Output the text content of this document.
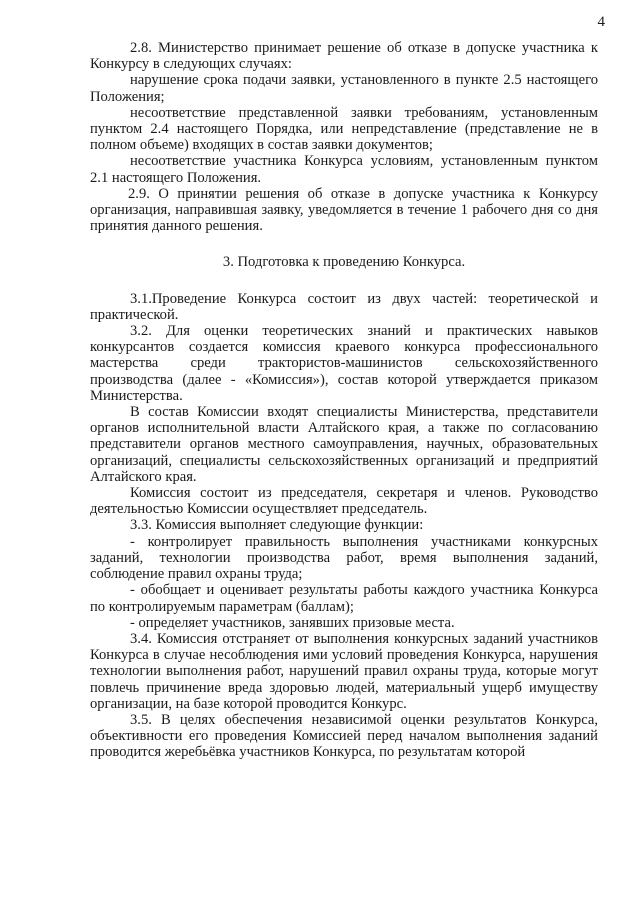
4

2.8. Министерство принимает решение об отказе в допуске участника к Конкурсу в следующих случаях:

нарушение срока подачи заявки, установленного в пункте 2.5 настоящего Положения;

несоответствие представленной заявки требованиям, установленным пунктом 2.4 настоящего Порядка, или непредставление (представление не в полном объеме) входящих в состав заявки документов;

несоответствие участника Конкурса условиям, установленным пунктом 2.1 настоящего Положения.

2.9. О принятии решения об отказе в допуске участника к Конкурсу организация, направившая заявку, уведомляется в течение 1 рабочего дня со дня принятия данного решения.

3. Подготовка к проведению Конкурса.

3.1.Проведение Конкурса состоит из двух частей: теоретической и практической.

3.2. Для оценки теоретических знаний и практических навыков конкурсантов создается комиссия краевого конкурса профессионального мастерства среди трактористов-машинистов сельскохозяйственного производства (далее - «Комиссия»), состав которой утверждается приказом Министерства.

В состав Комиссии входят специалисты Министерства, представители органов исполнительной власти Алтайского края, а также по согласованию представители органов местного самоуправления, научных, образовательных организаций, специалисты сельскохозяйственных организаций и предприятий Алтайского края.

Комиссия состоит из председателя, секретаря и членов. Руководство деятельностью Комиссии осуществляет председатель.

3.3. Комиссия выполняет следующие функции:

- контролирует правильность выполнения участниками конкурсных заданий, технологии производства работ, время выполнения заданий, соблюдение правил охраны труда;

- обобщает и оценивает результаты работы каждого участника Конкурса по контролируемым параметрам (баллам);

- определяет участников, занявших призовые места.

3.4. Комиссия отстраняет от выполнения конкурсных заданий участников Конкурса в случае несоблюдения ими условий проведения Конкурса, нарушения технологии выполнения работ, нарушений правил охраны труда, которые могут повлечь причинение вреда здоровью людей, материальный ущерб имуществу организации, на базе которой проводится Конкурс.

3.5. В целях обеспечения независимой оценки результатов Конкурса, объективности его проведения Комиссией перед началом выполнения заданий проводится жеребьёвка участников Конкурса, по результатам которой
